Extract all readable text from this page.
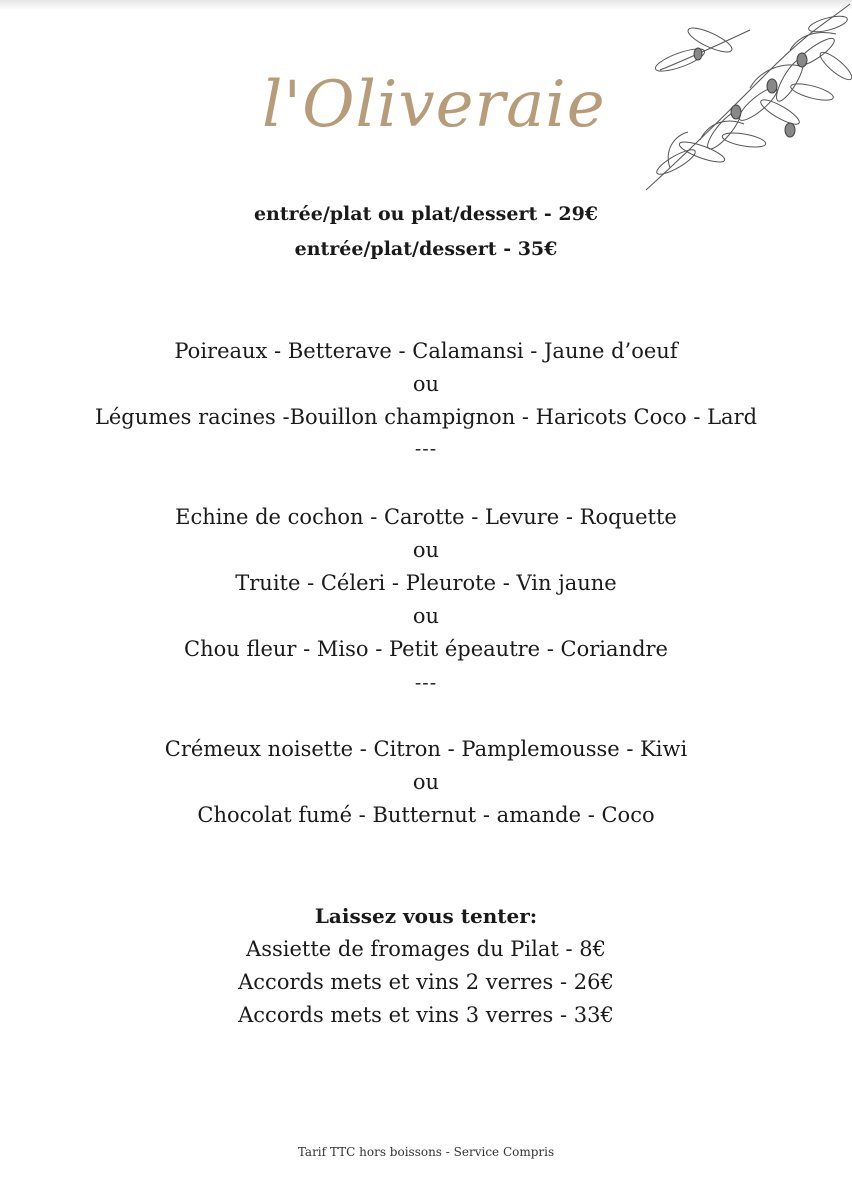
l'Oliveraie
entrée/plat ou plat/dessert - 29€
entrée/plat/dessert - 35€
Poireaux - Betterave - Calamansi - Jaune d’oeuf
ou
Légumes racines -Bouillon champignon - Haricots Coco - Lard
---
Echine de cochon - Carotte - Levure - Roquette
ou
Truite - Céleri - Pleurote - Vin jaune
ou
Chou fleur - Miso - Petit épeautre - Coriandre
---
Crémeux noisette - Citron - Pamplemousse - Kiwi
ou
Chocolat fumé - Butternut - amande - Coco
Laissez vous tenter:
Assiette de fromages du Pilat - 8€
Accords mets et vins 2 verres - 26€
Accords mets et vins 3 verres - 33€
Tarif TTC hors boissons - Service Compris
